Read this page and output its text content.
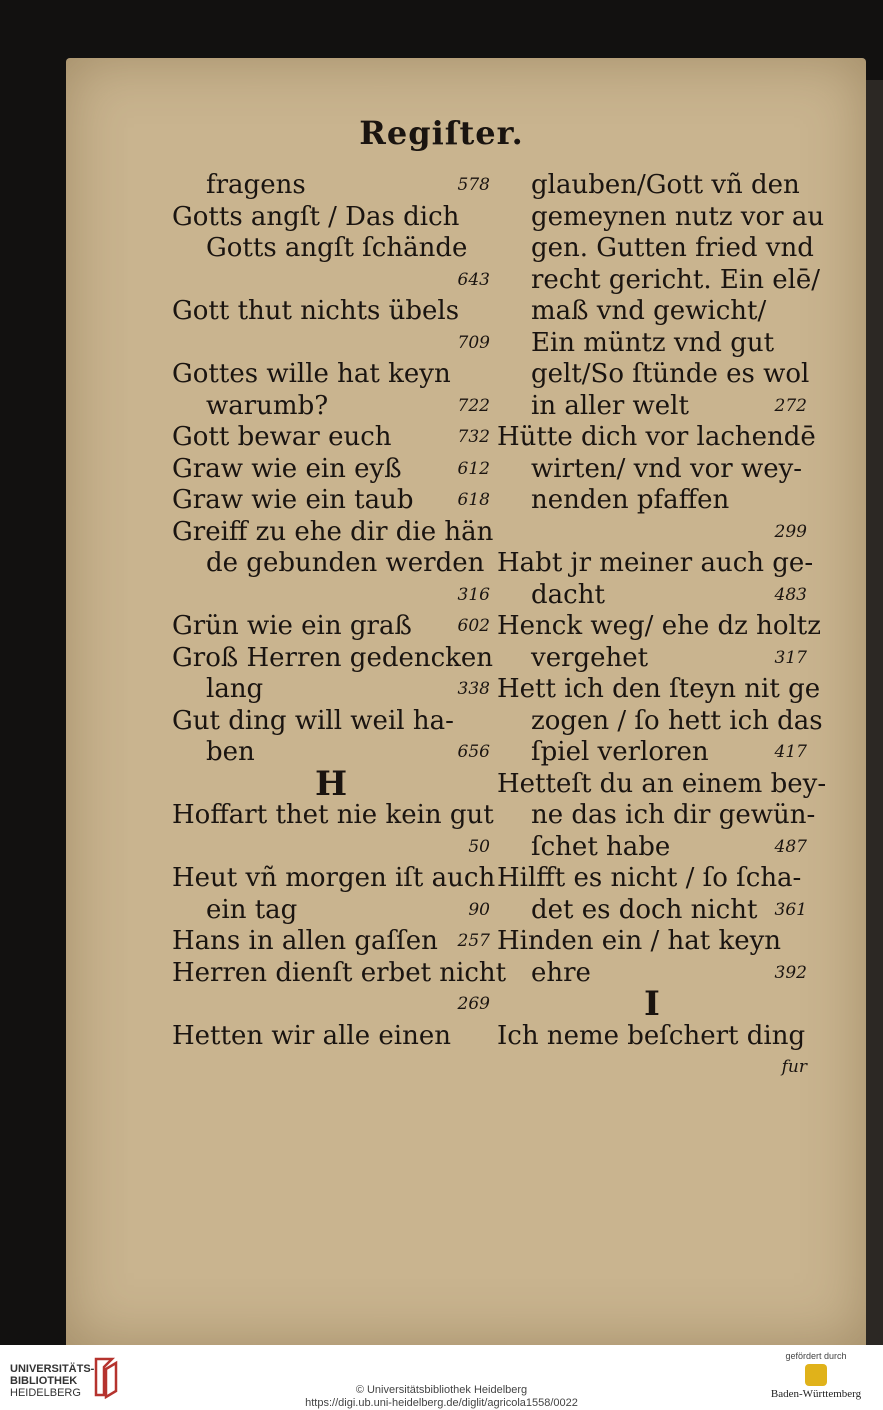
Regiſter.
fragens	578
Gotts angſt / Das dich
Gotts angſt ſchände
643
Gott thut nichts übels
709
Gottes wille hat keyn
warumb?	722
Gott bewar euch	732
Graw wie ein eyß	612
Graw wie ein taub	618
Greiff zu ehe dir die hän
de gebunden werden
316
Grün wie ein graß	602
Groß Herren gedencken
lang	338
Gut ding will weil ha-
ben	656
H
Hoffart thet nie kein gut
50
Heut vñ morgen iſt auch
ein tag	90
Hans in allen gaſſen 257
Herren dienſt erbet nicht
269
Hetten wir alle einen
glauben/Gott vñ den
gemeynen nutz vor au
gen. Gutten fried vnd
recht gericht. Ein elē/
maß vnd gewicht/
Ein müntz vnd gut
gelt/So ſtünde es wol
in aller welt	272
Hütte dich vor lachendē
wirten/ vnd vor wey-
nenden pfaffen
299
Habt jr meiner auch ge-
dacht	483
Henck weg/ ehe dz holtz
vergehet	317
Hett ich den ſteyn nit ge
zogen / ſo hett ich das
ſpiel verloren	417
Hetteſt du an einem bey-
ne das ich dir gewün-
ſchet habe	487
Hilfft es nicht / ſo ſcha-
det es doch nicht 361
Hinden ein / hat keyn
ehre	392
I
Ich neme beſchert ding
fur
UNIVERSITÄTS-
BIBLIOTHEK
HEIDELBERG	© Universitätsbibliothek Heidelberg
https://digi.ub.uni-heidelberg.de/diglit/agricola1558/0022
gefördert durch
Baden-Württemberg
